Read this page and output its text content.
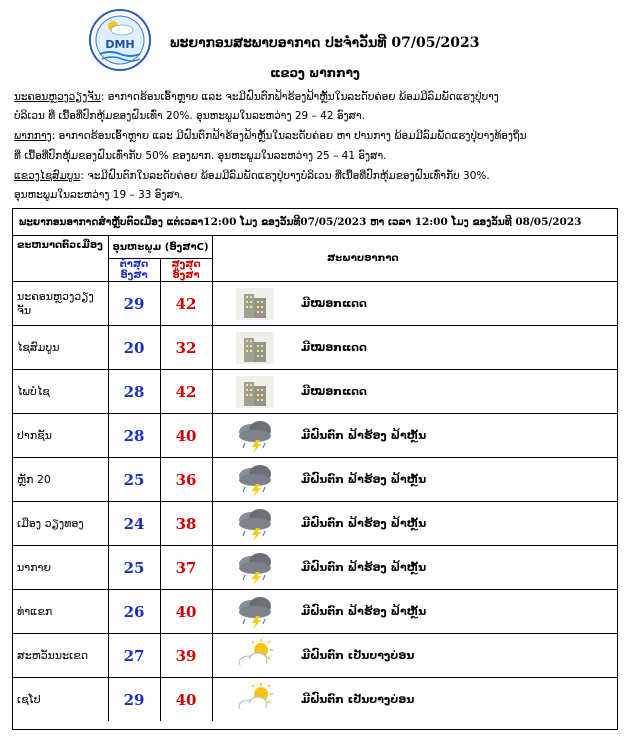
DMH	ພະຍາກອນສະພາບອາກາດ ປະຈຳວັນທີ 07/05/2023
ແຂວງ ພາກກາງ
ນະຄອນຫຼວງວຽງຈັນ: ອາກາດຮ້ອນເອົ້າຫຼາຍ ແລະ ຈະມີຝົນຕົກຟ້າຮ້ອງຟ້າຫຼັ້ນໃນລະດັບຄ່ອຍ ພ້ອມມີລົມພັດແຮງປຸ່ບາງ
ບໍລິເວນ ທີ່ ເນື້ອທີ່ປົກຫຸ້ມຂອງຝົນເທົ່າ 20%. ອຸນຫະພູມໃນລະຫວ່າງ 29 – 42 ອົງສາ.
ພາກກາງ: ອາກາດຮ້ອນເອົ້າຫຼາຍ ແລະ ມີຝົນຕົກຟ້າຮ້ອງຟ້າຫຼັ້ນໃນລະດັບຄ່ອຍ ຫາ ປານກາງ ພ້ອມມີລົມພັດແຮງປຸ່ບາງທ້ອງຖິ່ນ
ທີ່ ເນື້ອທີ່ປົກຫຸ້ມຂອງຝົນເທົ່າກັບ 50% ຂອງພາກ. ອຸນຫະພູມໃນລະຫວ່າງ 25 – 41 ອົງສາ.
ແຂວງໄຊສົມບູນ: ຈະມີຝົນຕົກໃນລະດັບຄ່ອຍ ພ້ອມມີລົມພັດແຮງປຸ່ບາງບໍລິເວນ ທີ່ເນື້ອທີ່ປົກຫຸ້ມຂອງຝົນເທົ່າກັບ 30%.
ອຸນຫະພູມໃນລະຫວ່າງ 19 – 33 ອົງສາ.
ພະຍາກອນອາກາດສຳຫຼັບຕົວເມືອງ ແຕ່ເວລາ12:00 ໂມງ ຂອງວັນທີ07/05/2023 ຫາ ເວລາ 12:00 ໂມງ ຂອງວັນທີ 08/05/2023
ຂະຫນາດຕົວເມືອງ	ອຸນຫະພູມ (ອົງສາC)			ສະພາບອາກາດ
	ຕ່ຳສຸດອົງສາ	ສູງສຸດອົງສາ		
ນະຄອນຫຼວງວຽງ ຈັນ	29	42		ມີໝອກແດດ
ໄຊສົມບູນ	20	32		ມີໝອກແດດ
ໄພບໍໄຊ	28	42		ມີໝອກແດດ
ປາກຊັນ	28	40		ມີຝົນຕົກ ຟ້າຮ້ອງ ຟ້າຫຼັ້ນ
ຫຼັກ 20	25	36		ມີຝົນຕົກ ຟ້າຮ້ອງ ຟ້າຫຼັ້ນ
ເມືອງ ວຽງທອງ	24	38		ມີຝົນຕົກ ຟ້າຮ້ອງ ຟ້າຫຼັ້ນ
ນາກາຍ	25	37		ມີຝົນຕົກ ຟ້າຮ້ອງ ຟ້າຫຼັ້ນ
ທ່າແຂກ	26	40		ມີຝົນຕົກ ຟ້າຮ້ອງ ຟ້າຫຼັ້ນ
ສະຫວັນນະເຂດ	27	39		ມີຝົນຕົກ ເປັນບາງບ່ອນ
ເຊໂປ	29	40		ມີຝົນຕົກ ເປັນບາງບ່ອນ
